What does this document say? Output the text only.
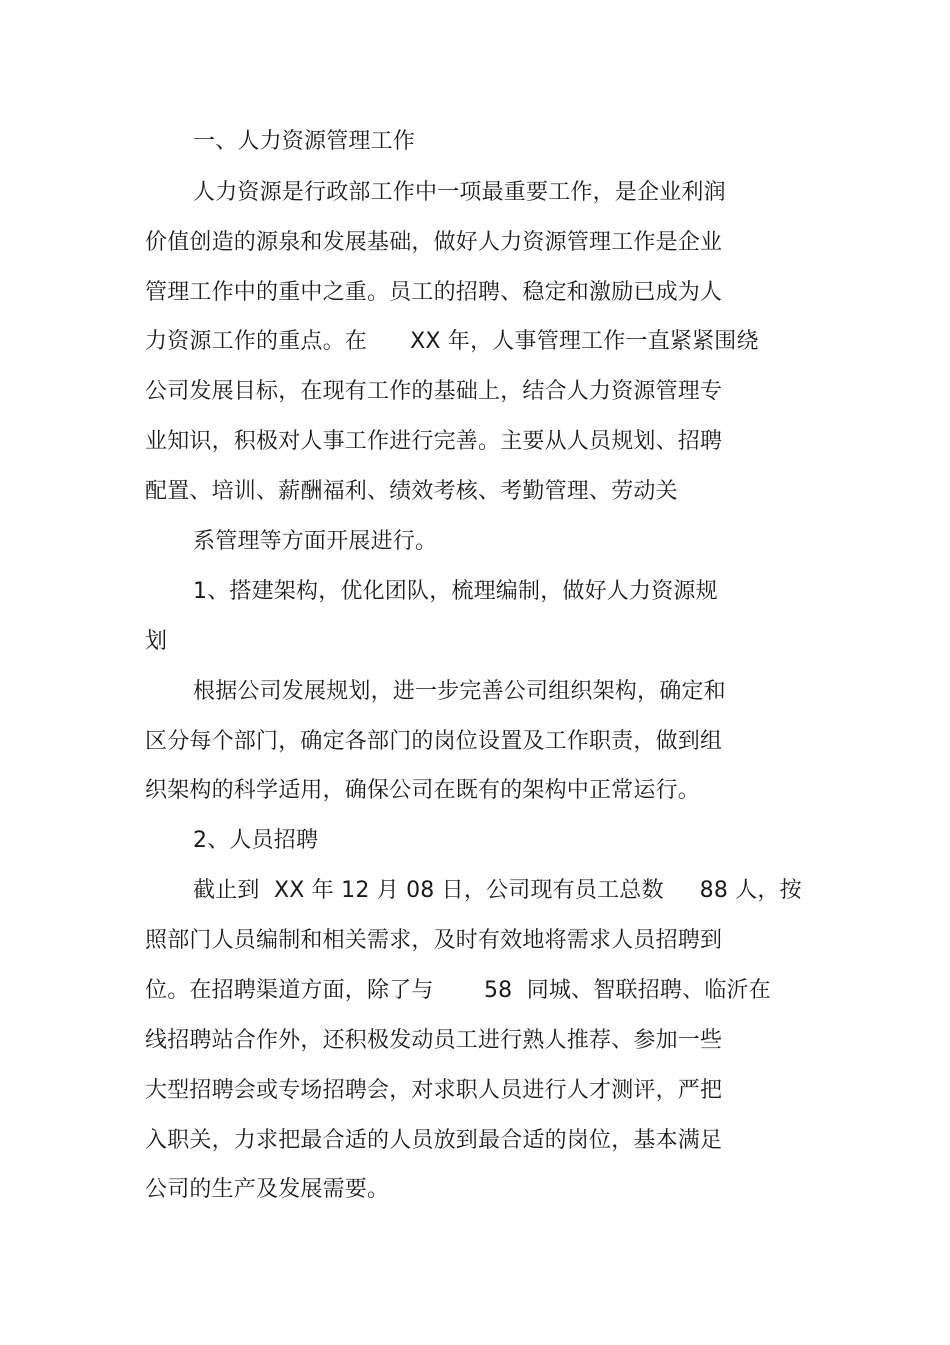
一、人力资源管理工作
人力资源是行政部工作中一项最重要工作，是企业利润
价值创造的源泉和发展基础，做好人力资源管理工作是企业
管理工作中的重中之重。员工的招聘、稳定和激励已成为人
力资源工作的重点。在      XX 年，人事管理工作一直紧紧围绕
公司发展目标，在现有工作的基础上，结合人力资源管理专
业知识，积极对人事工作进行完善。主要从人员规划、招聘
配置、培训、薪酬福利、绩效考核、考勤管理、劳动关
系管理等方面开展进行。
1、搭建架构，优化团队，梳理编制，做好人力资源规
划
根据公司发展规划，进一步完善公司组织架构，确定和
区分每个部门，确定各部门的岗位设置及工作职责，做到组
织架构的科学适用，确保公司在既有的架构中正常运行。
2、人员招聘
截止到  XX 年 12 月 08 日，公司现有员工总数     88 人，按
照部门人员编制和相关需求，及时有效地将需求人员招聘到
位。在招聘渠道方面，除了与       58  同城、智联招聘、临沂在
线招聘站合作外，还积极发动员工进行熟人推荐、参加一些
大型招聘会或专场招聘会，对求职人员进行人才测评，严把
入职关，力求把最合适的人员放到最合适的岗位，基本满足
公司的生产及发展需要。
